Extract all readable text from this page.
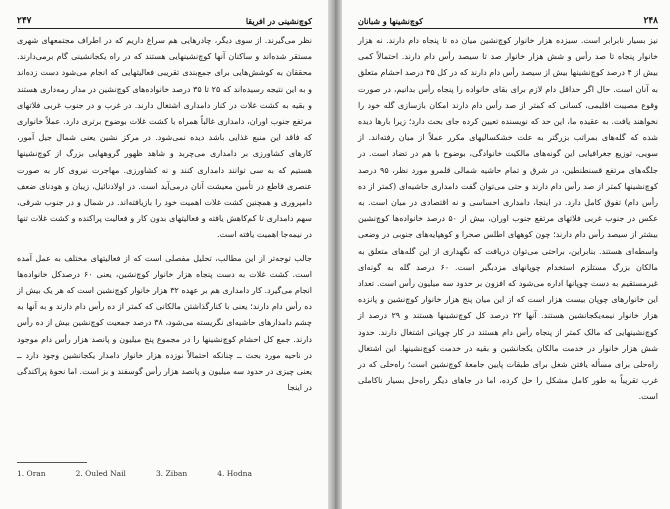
۲۴۷	کوچ‌نشینی در افریقا

نظر می‌گیرند. از سوی دیگر، چادرهایی هم سراغ داریم که در اطراف مجتمعهای شهری مستقر شده‌اند و ساکنان آنها کوچ‌نشینهایی هستند که در راه یکجانشینی گام برمی‌دارند. محققان به کوشش‌هایی برای جمع‌بندی تقریبی فعالیتهایی که انجام می‌شود دست زده‌اند و به این نتیجه رسیده‌اند که ۲۵ تا ۳۵ درصد خانواده‌های کوچ‌نشین در مدار رمه‌داری هستند و بقیه به کشت غلات در کنار دامداری اشتغال دارند. در غرب و در جنوب غربی فلاتهای مرتفع جنوب اوران، دامداری غالباً همراه با کشت غلات بوضوح برتری دارد. عملاً خانواری که فاقد این منبع غذایی باشد دیده نمی‌شود. در مرکز نشین یعنی شمال جیل آمور، کارهای کشاورزی بر دامداری می‌چربد و شاهد ظهور گروههایی بزرگ از کوچ‌نشینها هستیم که به سی توانند دامداری کنند و نه کشاورزی. مهاجرت نیروی کار به صورت عنصری قاطع در تأمین معیشت آنان درمی‌آید است. در اولادنائیل، زیبان و هودنای ضعف دامپروری و همچنین کشت غلات اهمیت خود را بازیافته‌اند. در شمال و در جنوب شرقی، سهم دامداری تا کم‌کاهش یافته و فعالیتهای بدون کار و فعالیت پراکنده و کشت غلات تنها در نیمه‌جا اهمیت یافته است.

جالب توجه‌تر از این مطالب، تحلیل مفصلی است که از فعالیتهای مختلف به عمل آمده است. کشت غلات به دست پنجاه هزار خانوار کوچ‌نشین، یعنی ۶۰ درصدکل خانواده‌ها انجام می‌گیرد. کار دامداری هم بر عهده ۳۲ هزار خانوار کوچ‌نشین است که هر یک بیش از ده رأس دام دارند؛ یعنی با کنارگذاشتن مالکانی که کمتر از ده رأس دام دارند و به آنها به چشم دامدارهای حاشیه‌ای نگریسته می‌شود، ۳۸ درصد جمعیت کوچ‌نشین بیش از ده رأس دارند. جمع کل احشام کوچ‌نشینها را در مجموع پنج میلیون و پانصد هزار رأس دام موجود در ناحیه مورد بحث ــ چنانکه احتمالاً نوزده هزار خانوار دامدار یکجانشین وجود دارد ــ یعنی چیزی در حدود سه میلیون و پانصد هزار رأس گوسفند و بز است. اما نحوهٔ پراکندگی در اینجا

1. Oran	2. Ouled Nail	3. Ziban	4. Hodna
کوچ‌نشینها و شبانان	۲۴۸

نیز بسیار نابرابر است. سیزده هزار خانوار کوچ‌نشین میان ده تا پنجاه دام دارند. نه هزار خانوار پنجاه تا صد رأس و شش هزار خانوار صد تا سیصد رأس دام دارند. احتمالاً کمی بیش از ۴ درصد کوچ‌نشینها بیش از سیصد رأس دام دارند که در کل ۴۵ درصد احشام متعلق به آنان است. حال اگر حداقل دام لازم برای بقای خانواده را پنجاه رأس بدانیم، در صورت وقوع مصیبت اقلیمی، کسانی که کمتر از صد رأس دام دارند امکان بازسازی گله خود را نخواهند یافت. به عقیده ما، این حد که نویسنده تعیین کرده جای بحث دارد؛ زیرا بارها دیده شده که گله‌های بمراتب بزرگتر به علت خشکسالیهای مکرر عملاً از میان رفته‌اند. از سویی، توزیع جغرافیایی این گونه‌های مالکیت خانوادگی، بوضوح با هم در تضاد است. در جلگه‌های مرتفع قسنطنطین، در شرق و تمام حاشیه شمالی قلمرو مورد نظر، ۹۵ درصد کوچ‌نشینها کمتر از صد رأس دام دارند و حتی می‌توان گفت دامداری حاشیه‌ای (کمتر از ده رأس دام) تفوق کامل دارد. در اینجا، دامداری احساسی و نه اقتصادی در میان است. به عکس در جنوب غربی فلاتهای مرتفع جنوب اوران، بیش از ۵۰ درصد خانواده‌ها کوچ‌نشین بیشتر از سیصد رأس دام دارند؛ چون کوههای اطلس صحرا و کوهپایه‌های جنوبی در وضعی واسطه‌ای هستند. بنابراین، براحتی می‌توان دریافت که نگهداری از این گله‌های متعلق به مالکان بزرگ مستلزم استخدام چوپانهای مزدبگیر است. ۶۰ درصد گله به گونه‌ای غیرمستقیم به دست چوپانها اداره می‌شود که افزون بر حدود سه میلیون رأس است. تعداد این خانوارهای چوپان بیست هزار است که از این میان پنج هزار خانوار کوچ‌نشین و پانزده هزار خانوار نیمه‌یکجانشین هستند. آنها ۲۲ درصد کل کوچ‌نشینها هستند و ۲۹ درصد از کوچ‌نشینهایی که مالک کمتر از پنجاه رأس دام هستند در کار چوپانی اشتغال دارند. حدود شش هزار خانوار در خدمت مالکان یکجانشین و بقیه در خدمت کوچ‌نشینها. این اشتغال راه‌حلی برای مسأله یافتن شغل برای طبقات پایین جامعهٔ کوچ‌نشین است؛ راه‌حلی که در غرب تقریباً به طور کامل مشکل را حل کرده، اما در جاهای دیگر راه‌حل بسیار ناکاملی است.
